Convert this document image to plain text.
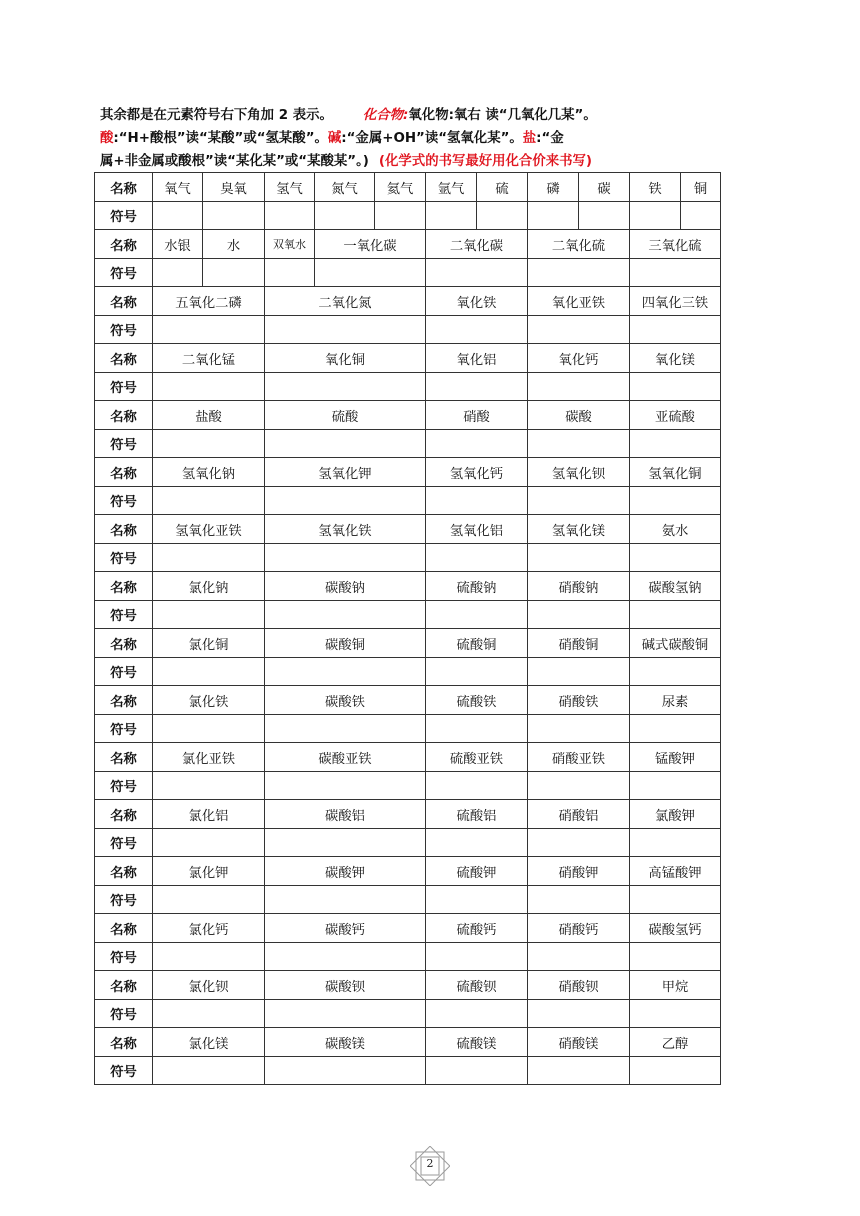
其余都是在元素符号右下角加 2 表示。 化合物:氧化物:氧右 读“几氧化几某”。
酸:“H+酸根”读“某酸”或“氢某酸”。碱:“金属+OH”读“氢氧化某”。盐:“金
属+非金属或酸根”读“某化某”或“某酸某”。) (化学式的书写最好用化合价来书写)
名称	氧气	臭氧	氢气	氮气	氦气	氩气	硫	磷	碳	铁	铜
符号											
名称	水银	水	双氧水	一氧化碳		二氧化碳		二氧化硫		三氧化硫	
符号											
名称	五氧化二磷		二氧化氮			氧化铁		氧化亚铁		四氧化三铁	
符号											
名称	二氧化锰		氧化铜			氧化铝		氧化钙		氧化镁	
符号											
名称	盐酸		硫酸			硝酸		碳酸		亚硫酸	
符号											
名称	氢氧化钠		氢氧化钾			氢氧化钙		氢氧化钡		氢氧化铜	
符号											
名称	氢氧化亚铁		氢氧化铁			氢氧化铝		氢氧化镁		氨水	
符号											
名称	氯化钠		碳酸钠			硫酸钠		硝酸钠		碳酸氢钠	
符号											
名称	氯化铜		碳酸铜			硫酸铜		硝酸铜		碱式碳酸铜	
符号											
名称	氯化铁		碳酸铁			硫酸铁		硝酸铁		尿素	
符号											
名称	氯化亚铁		碳酸亚铁			硫酸亚铁		硝酸亚铁		锰酸钾	
符号											
名称	氯化铝		碳酸铝			硫酸铝		硝酸铝		氯酸钾	
符号											
名称	氯化钾		碳酸钾			硫酸钾		硝酸钾		高锰酸钾	
符号											
名称	氯化钙		碳酸钙			硫酸钙		硝酸钙		碳酸氢钙	
符号											
名称	氯化钡		碳酸钡			硫酸钡		硝酸钡		甲烷	
符号											
名称	氯化镁		碳酸镁			硫酸镁		硝酸镁		乙醇	
符号											
2
